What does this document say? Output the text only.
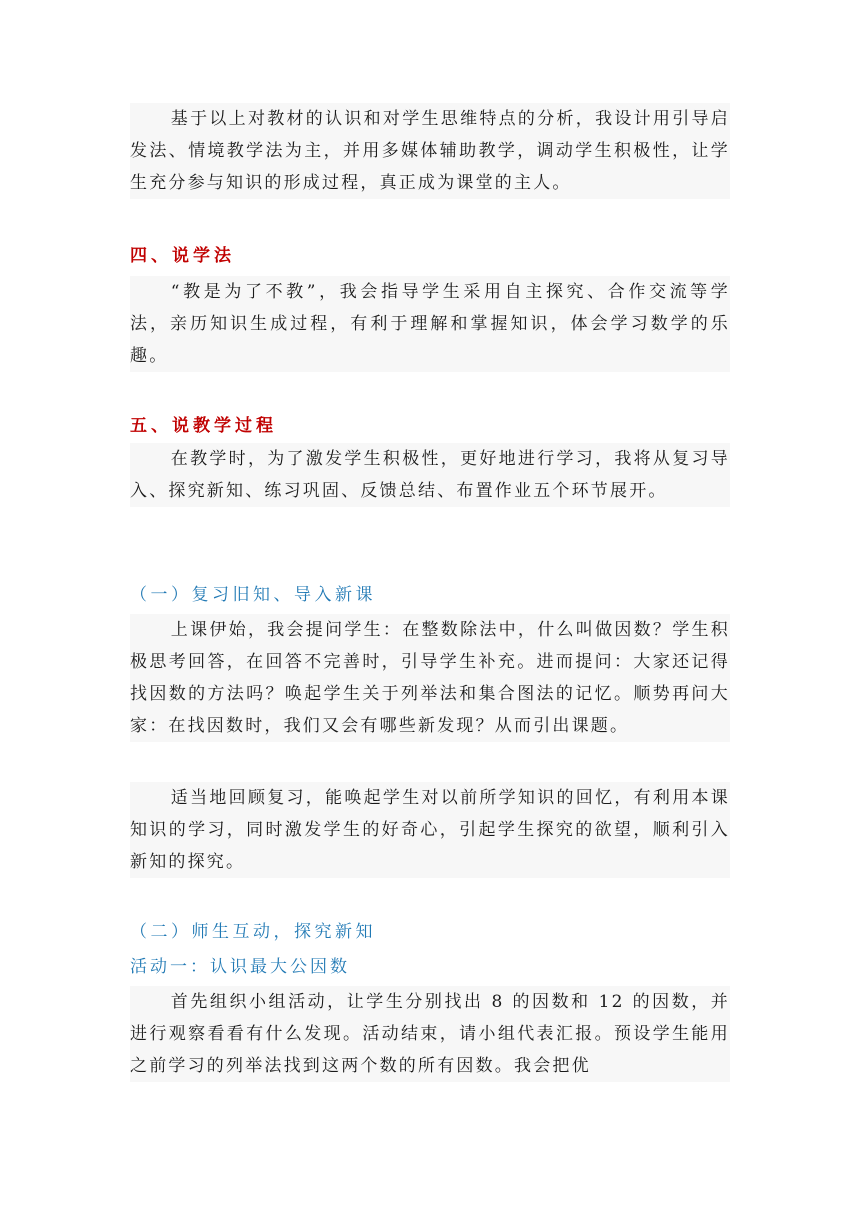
基于以上对教材的认识和对学生思维特点的分析，我设计用引导启发法、情境教学法为主，并用多媒体辅助教学，调动学生积极性，让学生充分参与知识的形成过程，真正成为课堂的主人。

四、说学法

“教是为了不教”，我会指导学生采用自主探究、合作交流等学法，亲历知识生成过程，有利于理解和掌握知识，体会学习数学的乐趣。

五、说教学过程

在教学时，为了激发学生积极性，更好地进行学习，我将从复习导入、探究新知、练习巩固、反馈总结、布置作业五个环节展开。

（一）复习旧知、导入新课

上课伊始，我会提问学生：在整数除法中，什么叫做因数？学生积极思考回答，在回答不完善时，引导学生补充。进而提问：大家还记得找因数的方法吗？唤起学生关于列举法和集合图法的记忆。顺势再问大家：在找因数时，我们又会有哪些新发现？从而引出课题。

适当地回顾复习，能唤起学生对以前所学知识的回忆，有利用本课知识的学习，同时激发学生的好奇心，引起学生探究的欲望，顺利引入新知的探究。

（二）师生互动，探究新知

活动一：认识最大公因数

首先组织小组活动，让学生分别找出 8 的因数和 12 的因数，并进行观察看看有什么发现。活动结束，请小组代表汇报。预设学生能用之前学习的列举法找到这两个数的所有因数。我会把优
